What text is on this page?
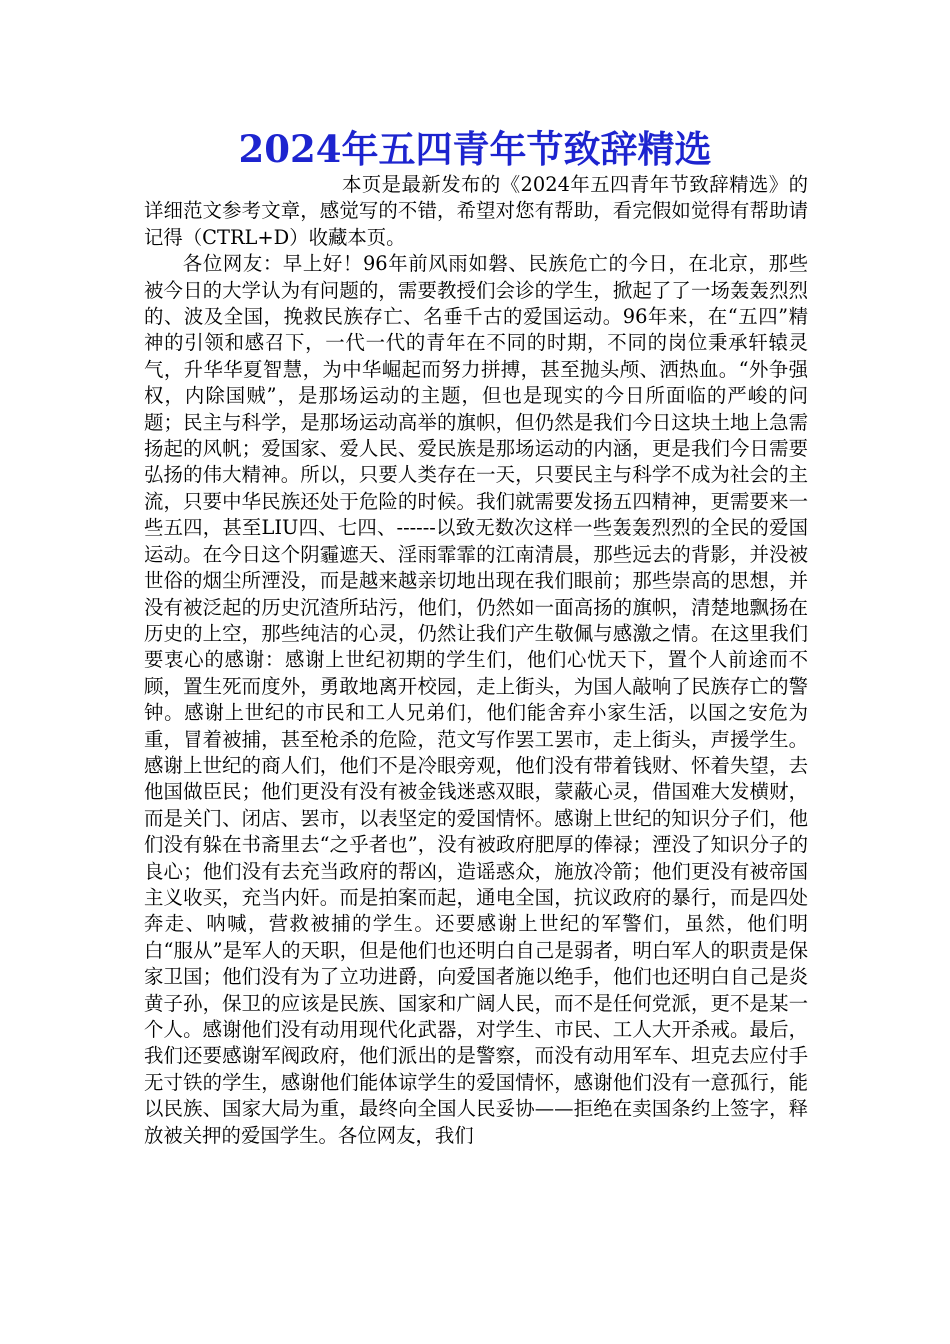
2024年五四青年节致辞精选

本页是最新发布的《2024年五四青年节致辞精选》的详细范文参考文章，感觉写的不错，希望对您有帮助，看完假如觉得有帮助请记得（CTRL+D）收藏本页。

各位网友：早上好！96年前风雨如磐、民族危亡的今日，在北京，那些被今日的大学认为有问题的，需要教授们会诊的学生，掀起了了一场轰轰烈烈的、波及全国，挽救民族存亡、名垂千古的爱国运动。96年来，在“五四”精神的引领和感召下，一代一代的青年在不同的时期，不同的岗位秉承轩辕灵气，升华华夏智慧，为中华崛起而努力拼搏，甚至抛头颅、洒热血。“外争强权，内除国贼”，是那场运动的主题，但也是现实的今日所面临的严峻的问题；民主与科学，是那场运动高举的旗帜，但仍然是我们今日这块土地上急需扬起的风帆；爱国家、爱人民、爱民族是那场运动的内涵，更是我们今日需要弘扬的伟大精神。所以，只要人类存在一天，只要民主与科学不成为社会的主流，只要中华民族还处于危险的时候。我们就需要发扬五四精神，更需要来一些五四，甚至LIU四、七四、------以致无数次这样一些轰轰烈烈的全民的爱国运动。在今日这个阴霾遮天、淫雨霏霏的江南清晨，那些远去的背影，并没被世俗的烟尘所湮没，而是越来越亲切地出现在我们眼前；那些崇高的思想，并没有被泛起的历史沉渣所玷污，他们，仍然如一面高扬的旗帜，清楚地飘扬在历史的上空，那些纯洁的心灵，仍然让我们产生敬佩与感激之情。在这里我们要衷心的感谢：感谢上世纪初期的学生们，他们心忧天下，置个人前途而不顾，置生死而度外，勇敢地离开校园，走上街头，为国人敲响了民族存亡的警钟。感谢上世纪的市民和工人兄弟们，他们能舍弃小家生活，以国之安危为重，冒着被捕，甚至枪杀的危险，范文写作罢工罢市，走上街头，声援学生。感谢上世纪的商人们，他们不是冷眼旁观，他们没有带着钱财、怀着失望，去他国做臣民；他们更没有没有被金钱迷惑双眼，蒙蔽心灵，借国难大发横财，而是关门、闭店、罢市，以表坚定的爱国情怀。感谢上世纪的知识分子们，他们没有躲在书斋里去“之乎者也”，没有被政府肥厚的俸禄；湮没了知识分子的良心；他们没有去充当政府的帮凶，造谣惑众，施放冷箭；他们更没有被帝国主义收买，充当内奸。而是拍案而起，通电全国，抗议政府的暴行，而是四处奔走、呐喊，营救被捕的学生。还要感谢上世纪的军警们，虽然，他们明白“服从”是军人的天职，但是他们也还明白自己是弱者，明白军人的职责是保家卫国；他们没有为了立功进爵，向爱国者施以绝手，他们也还明白自己是炎黄子孙，保卫的应该是民族、国家和广阔人民，而不是任何党派，更不是某一个人。感谢他们没有动用现代化武器，对学生、市民、工人大开杀戒。最后，我们还要感谢军阀政府，他们派出的是警察，而没有动用军车、坦克去应付手无寸铁的学生，感谢他们能体谅学生的爱国情怀，感谢他们没有一意孤行，能以民族、国家大局为重，最终向全国人民妥协——拒绝在卖国条约上签字，释放被关押的爱国学生。各位网友，我们
